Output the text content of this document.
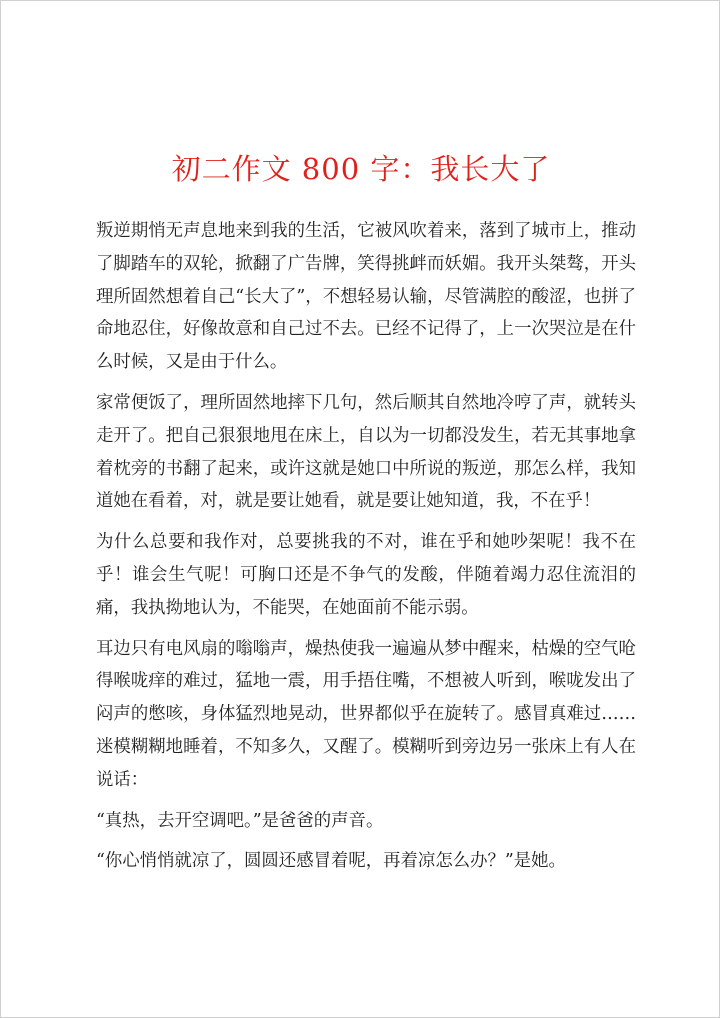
初二作文 800 字：我长大了

叛逆期悄无声息地来到我的生活，它被风吹着来，落到了城市上，推动了脚踏车的双轮，掀翻了广告牌，笑得挑衅而妖媚。我开头桀骜，开头理所固然想着自己“长大了”，不想轻易认输，尽管满腔的酸涩，也拼了命地忍住，好像故意和自己过不去。已经不记得了，上一次哭泣是在什么时候，又是由于什么。

家常便饭了，理所固然地摔下几句，然后顺其自然地冷哼了声，就转头走开了。把自己狠狠地甩在床上，自以为一切都没发生，若无其事地拿着枕旁的书翻了起来，或许这就是她口中所说的叛逆，那怎么样，我知道她在看着，对，就是要让她看，就是要让她知道，我，不在乎！

为什么总要和我作对，总要挑我的不对，谁在乎和她吵架呢！我不在乎！谁会生气呢！可胸口还是不争气的发酸，伴随着竭力忍住流泪的痛，我执拗地认为，不能哭，在她面前不能示弱。

耳边只有电风扇的嗡嗡声，燥热使我一遍遍从梦中醒来，枯燥的空气呛得喉咙痒的难过，猛地一震，用手捂住嘴，不想被人听到，喉咙发出了闷声的憋咳，身体猛烈地晃动，世界都似乎在旋转了。感冒真难过……迷模糊糊地睡着，不知多久，又醒了。模糊听到旁边另一张床上有人在说话：

“真热，去开空调吧。”是爸爸的声音。

“你心悄悄就凉了，圆圆还感冒着呢，再着凉怎么办？”是她。
